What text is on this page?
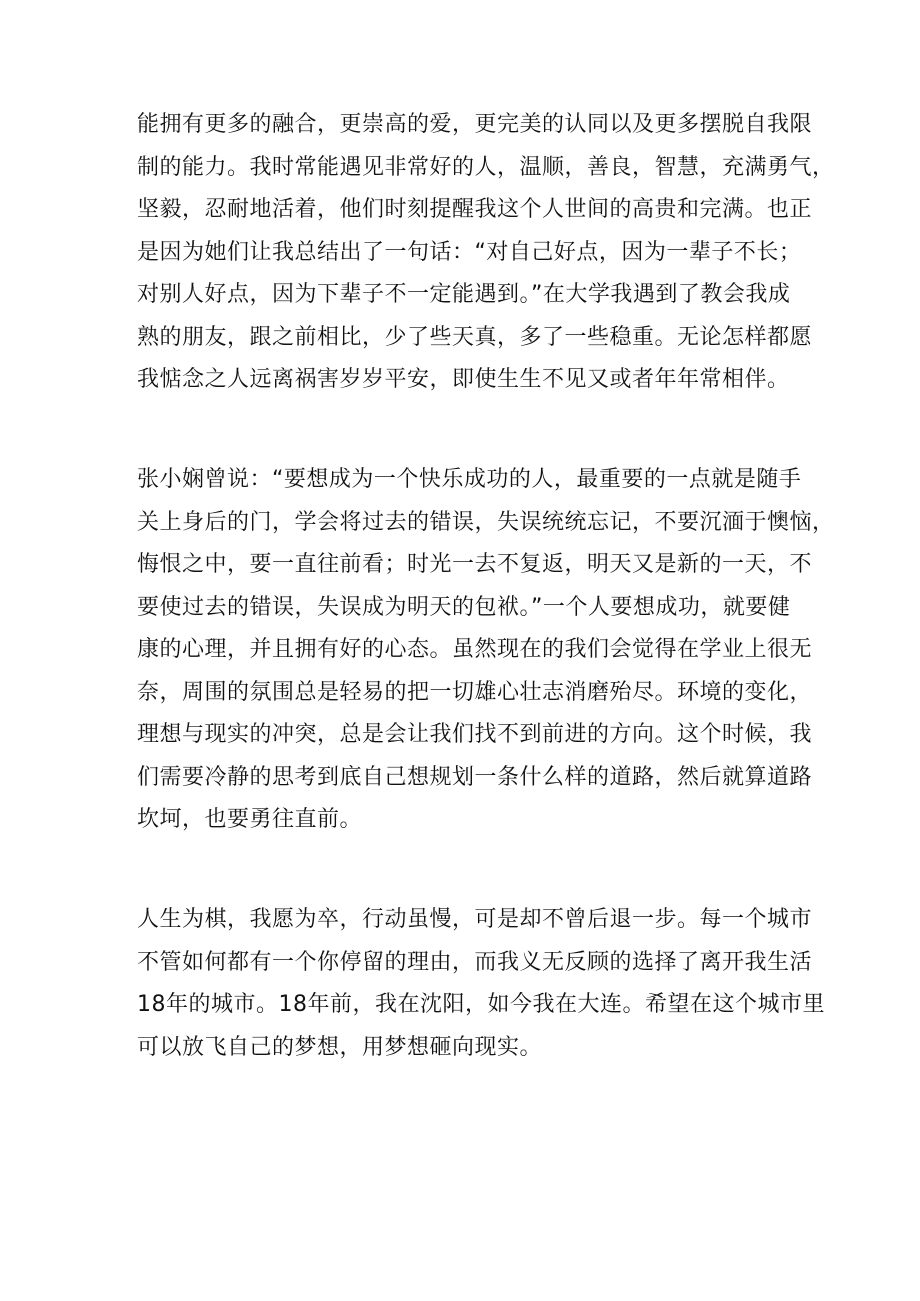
能拥有更多的融合，更崇高的爱，更完美的认同以及更多摆脱自我限
制的能力。我时常能遇见非常好的人，温顺，善良，智慧，充满勇气，
坚毅，忍耐地活着，他们时刻提醒我这个人世间的高贵和完满。也正
是因为她们让我总结出了一句话：“对自己好点，因为一辈子不长；
对别人好点，因为下辈子不一定能遇到。”在大学我遇到了教会我成
熟的朋友，跟之前相比，少了些天真，多了一些稳重。无论怎样都愿
我惦念之人远离祸害岁岁平安，即使生生不见又或者年年常相伴。
张小娴曾说：“要想成为一个快乐成功的人，最重要的一点就是随手
关上身后的门，学会将过去的错误，失误统统忘记，不要沉湎于懊恼，
悔恨之中，要一直往前看；时光一去不复返，明天又是新的一天，不
要使过去的错误，失误成为明天的包袱。”一个人要想成功，就要健
康的心理，并且拥有好的心态。虽然现在的我们会觉得在学业上很无
奈，周围的氛围总是轻易的把一切雄心壮志消磨殆尽。环境的变化，
理想与现实的冲突，总是会让我们找不到前进的方向。这个时候，我
们需要冷静的思考到底自己想规划一条什么样的道路，然后就算道路
坎坷，也要勇往直前。
人生为棋，我愿为卒，行动虽慢，可是却不曾后退一步。每一个城市
不管如何都有一个你停留的理由，而我义无反顾的选择了离开我生活
18年的城市。18年前，我在沈阳，如今我在大连。希望在这个城市里
可以放飞自己的梦想，用梦想砸向现实。
